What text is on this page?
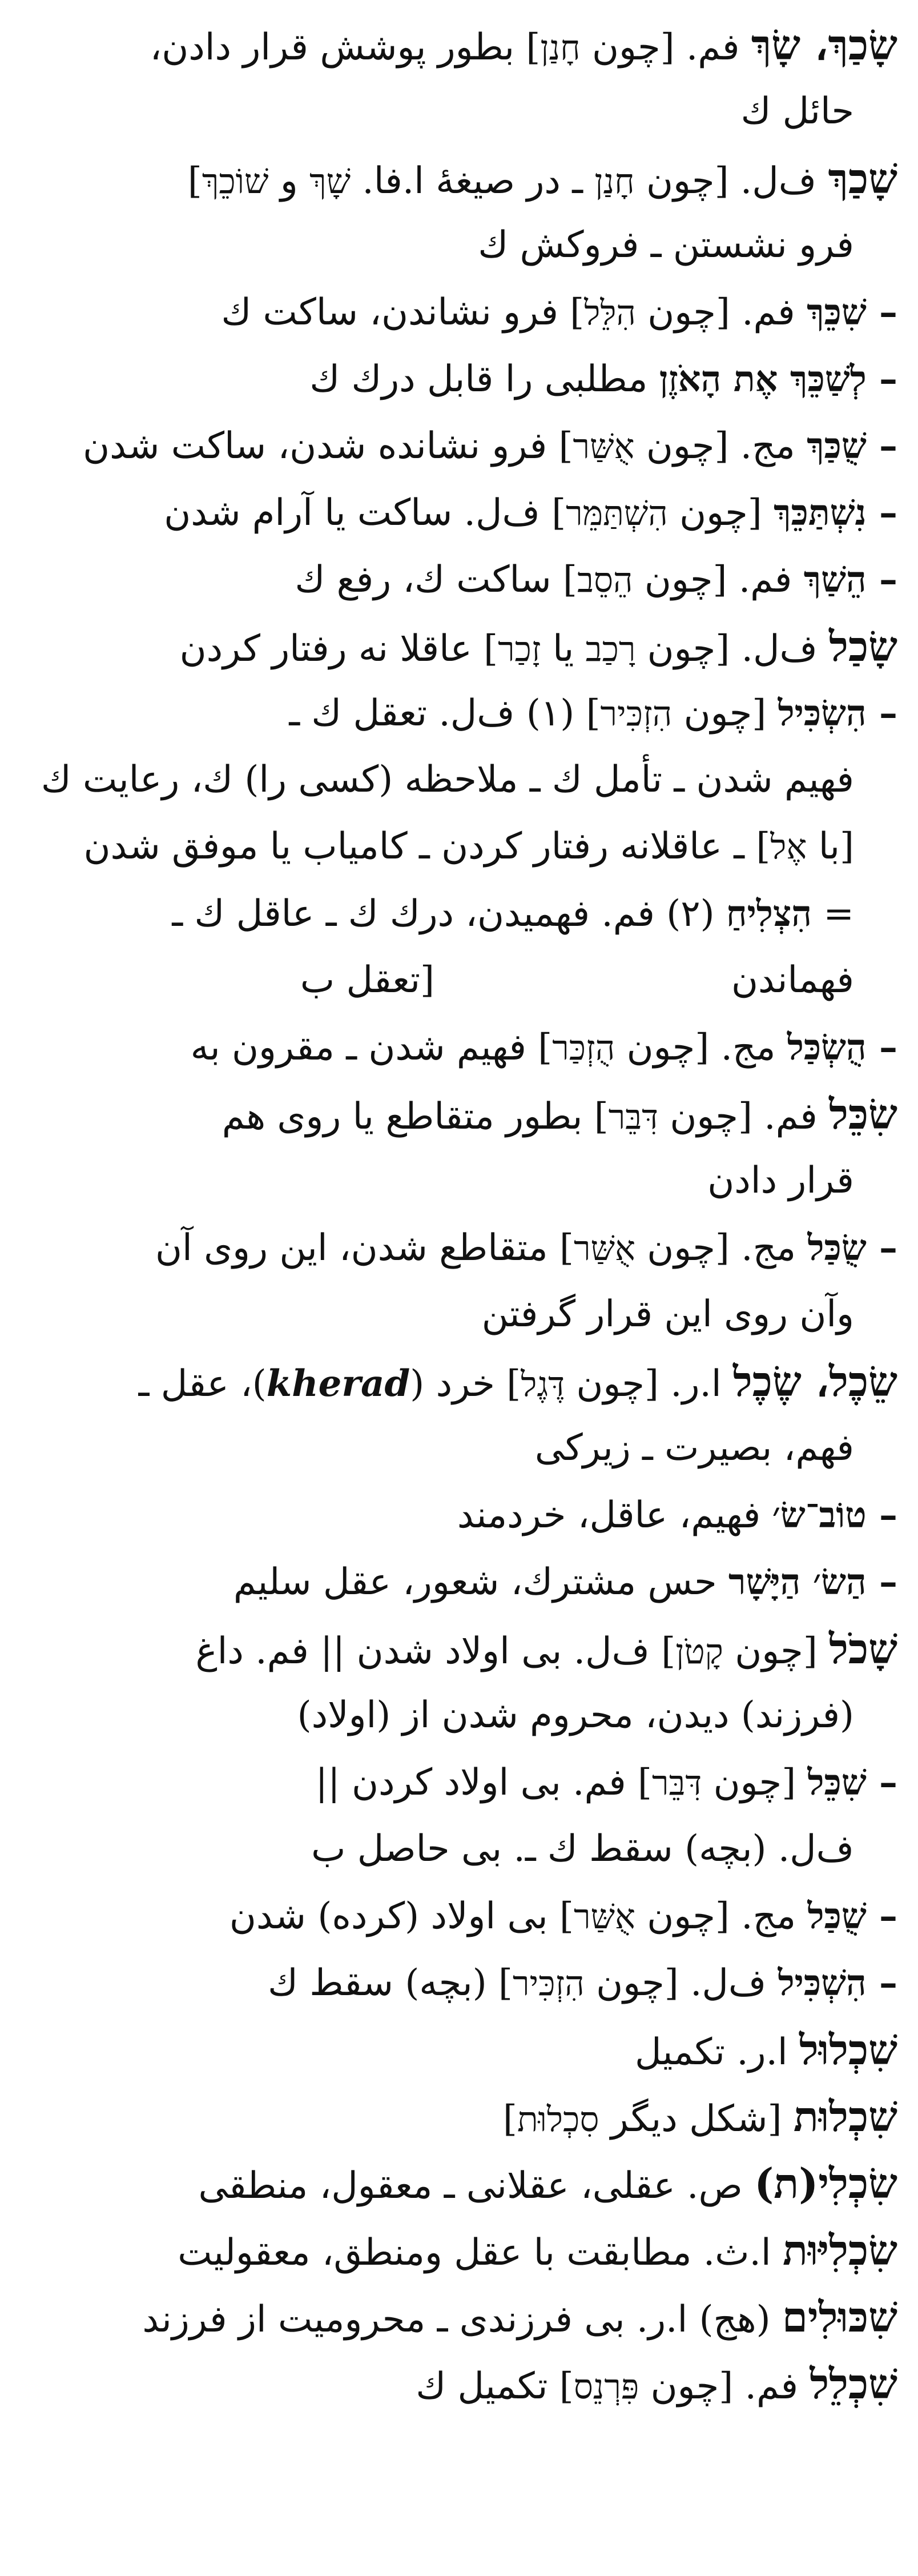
שָׂכַךְ، שָׂךְ
فم. [چون
חָנַן
] بطور پوشش قرار دادن،
حائل ك
שָׁכַךְ
ف‌ل. [چون
חָנַן
ـ در صيغهٔ ا.فا.
שָׁךְ
و
שׁוֹכֵךְ
]
فرو نشستن ـ فروكش ك
–
שִׁכֵּךְ
فم. [چون
הִלֵּל
] فرو نشاندن، ساكت ك
–
לְשַׁכֵּךְ אֶת הָאֹזֶן
مطلبى را قابل درك ك
–
שֻׁכַּךְ
مج. [چون
אֻשַּׁר
] فرو نشانده شدن، ساكت شدن
–
נִשְׁתַּכֵּךְ
[چون
הִשְׁתַּמֵּר
] ف‌ل. ساكت يا آرام شدن
–
הֵשַׁךְ
فم. [چون
הֵסֵב
] ساكت ك، رفع ك
שָׂכַל
ف‌ل. [چون
רָכַב
يا
זָכַר
] عاقلا نه رفتار كردن
–
הִשְׂכִּיל
[چون
הִזְכִּיר
] (۱) ف‌ل. تعقل ك ـ
فهيم شدن ـ تأمل ك ـ ملاحظه (كسى را) ك، رعايت ك
[با
אֶל
] ـ عاقلانه رفتار كردن ـ كامياب يا موفق شدن
=
הִצְלִיחַ
(۲) فم. فهميدن، درك ك ـ عاقل ك ـ
فهماندن
[تعقل ب
–
הֻשְׂכַּל
مج. [چون
הֻזְכַּר
] فهيم شدن ـ مقرون به
שִׂכֵּל
فم. [چون
דִּבֵּר
] بطور متقاطع يا روى هم
قرار دادن
–
שֻׂכַּל
مج. [چون
אֻשַּׁר
] متقاطع شدن، اين روى آن
وآن روى اين قرار گرفتن
שֵׂכֶל، שֶׂכֶל
ا.ر. [چون
דֶּגֶל
] خرد (
kherad
)، عقل ـ
فهم، بصيرت ـ زيركى
–
טוֹב־שׂ׳
فهيم، عاقل، خردمند
–
הַשׂ׳ הַיָּשָׁר
حس مشترك، شعور، عقل سليم
שָׁכֹל
[چون
קָטֹן
] ف‌ل. بى اولاد شدن || فم. داغ
(فرزند) ديدن، محروم شدن از (اولاد)
–
שִׁכֵּל
[چون
דִּבֵּר
] فم. بى اولاد كردن ||
ف‌ل. (بچه) سقط ك ـ. بى حاصل ب
–
שֻׁכַּל
مج. [چون
אֻשַּׁר
] بى اولاد (كرده) شدن
–
הִשְׁכִּיל
ف‌ل. [چون
הִזְכִּיר
] (بچه) سقط ك
שִׁכְלוּל
ا.ر. تكميل
שִׁכְלוּת
[شكل ديگر
סִכְלוּת
]
שִׂכְלִי(ת)
ص. عقلى، عقلانى ـ معقول، منطقى
שִׂכְלִיּוּת
ا.ث. مطابقت با عقل ومنطق، معقوليت
שִׁכּוּלִים
(هج) ا.ر. بى فرزندى ـ محروميت از فرزند
שִׁכְלֵל
فم. [چون
פִּרְנֵס
] تكميل ك
